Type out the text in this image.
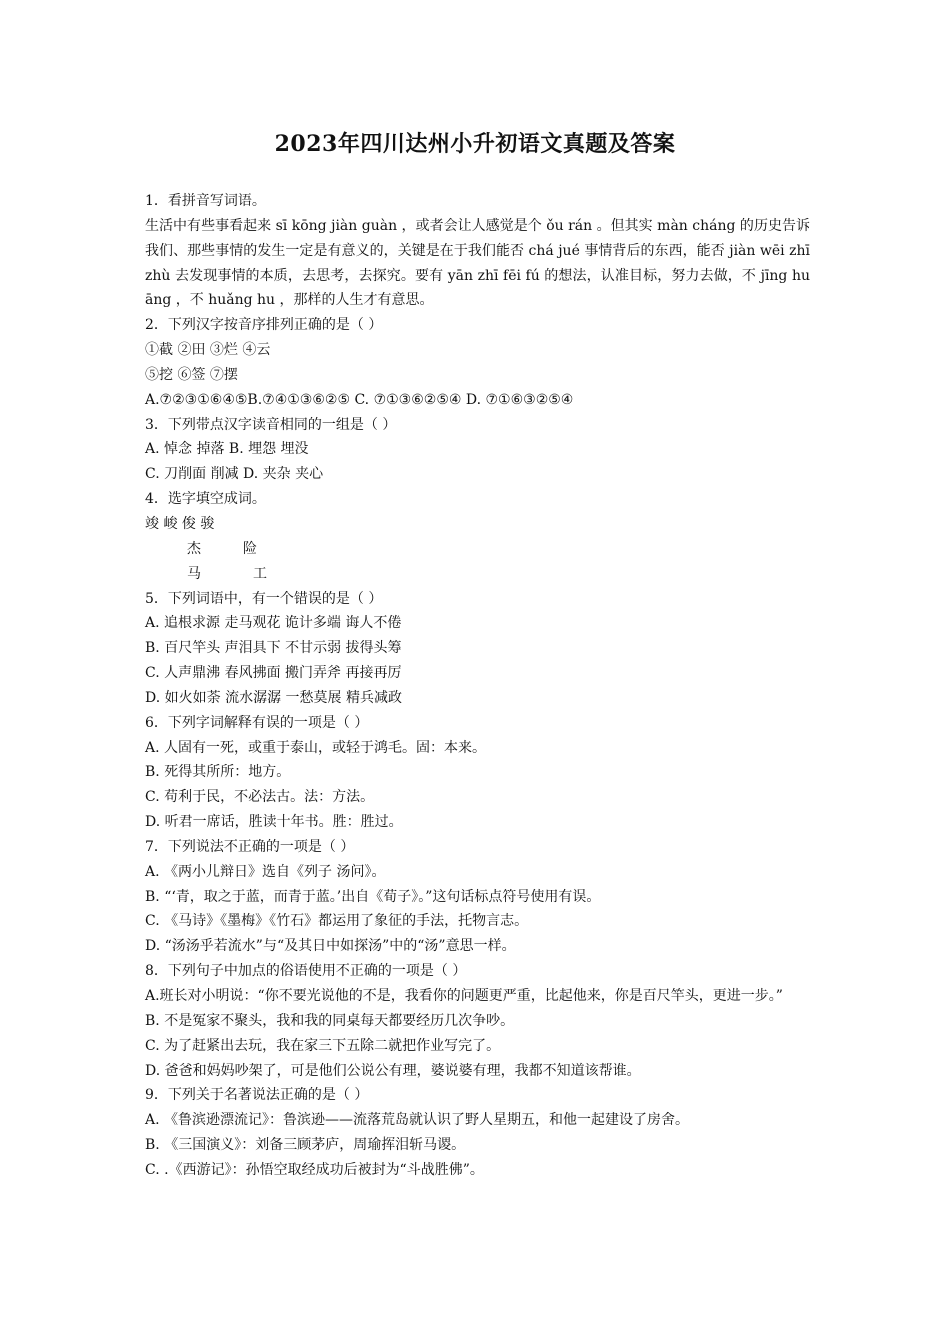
2023年四川达州小升初语文真题及答案
1．看拼音写词语。
生活中有些事看起来 sī kōng jiàn guàn ，或者会让人感觉是个 ǒu rán 。但其实 màn cháng 的历史告诉我们、那些事情的发生一定是有意义的，关键是在于我们能否 chá jué 事情背后的东西，能否 jiàn wēi zhī zhù 去发现事情的本质，去思考，去探究。要有 yān zhī fēi fú 的想法，认准目标，努力去做，不 jīng huāng ，不 huǎng hu ，那样的人生才有意思。
2．下列汉字按音序排列正确的是（ ）
①截 ②田 ③烂 ④云
⑤挖 ⑥签 ⑦摆
A.⑦②③①⑥④⑤B.⑦④①③⑥②⑤ C. ⑦①③⑥②⑤④ D. ⑦①⑥③②⑤④
3．下列带点汉字读音相同的一组是（ ）
A. 悼念 掉落 B. 埋怨 埋没
C. 刀削面 削减 D. 夹杂 夹心
4．选字填空成词。
竣 峻 俊 骏
杰	险
马	工
5．下列词语中，有一个错误的是（ ）
A. 追根求源 走马观花 诡计多端 诲人不倦
B. 百尺竿头 声泪具下 不甘示弱 拔得头筹
C. 人声鼎沸 春风拂面 搬门弄斧 再接再厉
D. 如火如荼 流水潺潺 一愁莫展 精兵减政
6．下列字词解释有误的一项是（ ）
A. 人固有一死，或重于泰山，或轻于鸿毛。固：本来。
B. 死得其所所：地方。
C. 苟利于民，不必法古。法：方法。
D. 听君一席话，胜读十年书。胜：胜过。
7．下列说法不正确的一项是（ ）
A. 《两小儿辩日》选自《列子 汤问》。
B. “‘青，取之于蓝，而青于蓝。’出自《荀子》。”这句话标点符号使用有误。
C. 《马诗》《墨梅》《竹石》都运用了象征的手法，托物言志。
D. “汤汤乎若流水”与“及其日中如探汤”中的“汤”意思一样。
8．下列句子中加点的俗语使用不正确的一项是（ ）
A.班长对小明说：“你不要光说他的不是，我看你的问题更严重，比起他来，你是百尺竿头，更进一步。”
B. 不是冤家不聚头，我和我的同桌每天都要经历几次争吵。
C. 为了赶紧出去玩，我在家三下五除二就把作业写完了。
D. 爸爸和妈妈吵架了，可是他们公说公有理，婆说婆有理，我都不知道该帮谁。
9．下列关于名著说法正确的是（ ）
A. 《鲁滨逊漂流记》：鲁滨逊——流落荒岛就认识了野人星期五，和他一起建设了房舍。
B. 《三国演义》：刘备三顾茅庐，周瑜挥泪斩马谡。
C. .《西游记》：孙悟空取经成功后被封为“斗战胜佛”。
